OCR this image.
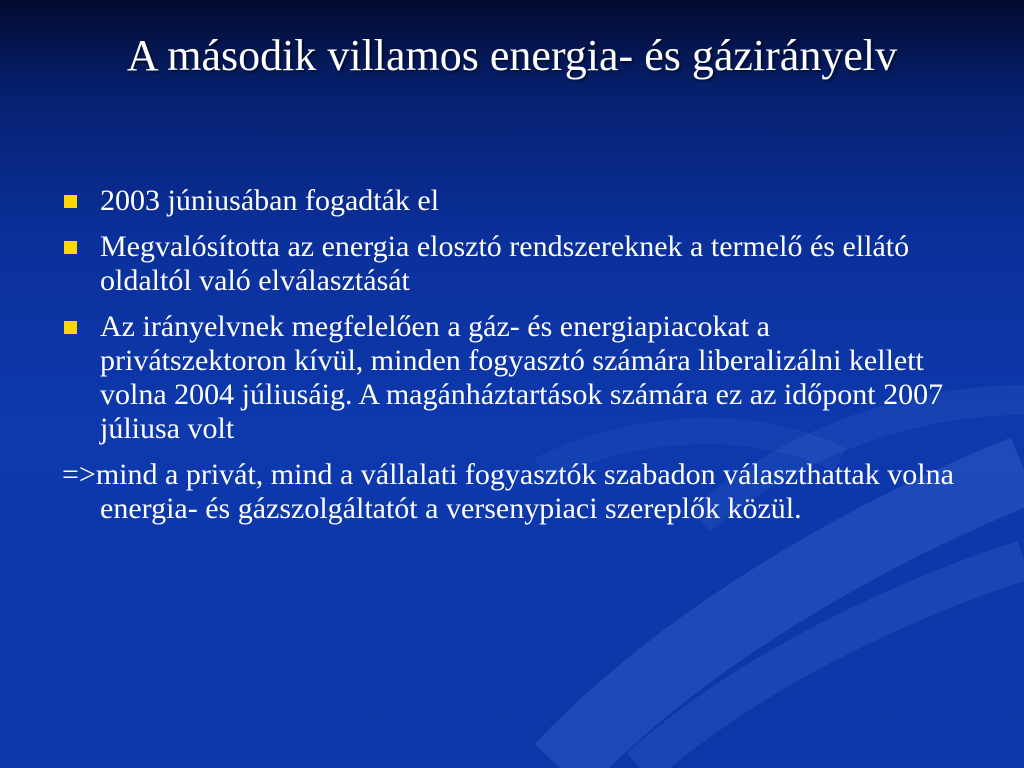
A második villamos energia- és gázirányelv
2003 júniusában fogadták el
Megvalósította az energia elosztó rendszereknek a termelő és ellátó oldaltól való elválasztását
Az irányelvnek megfelelően a gáz- és energiapiacokat a privátszektoron kívül, minden fogyasztó számára liberalizálni kellett volna 2004 júliusáig. A magánháztartások számára ez az időpont 2007 júliusa volt

=>mind a privát, mind a vállalati fogyasztók szabadon választhattak volna energia- és gázszolgáltatót a versenypiaci szereplők közül.
